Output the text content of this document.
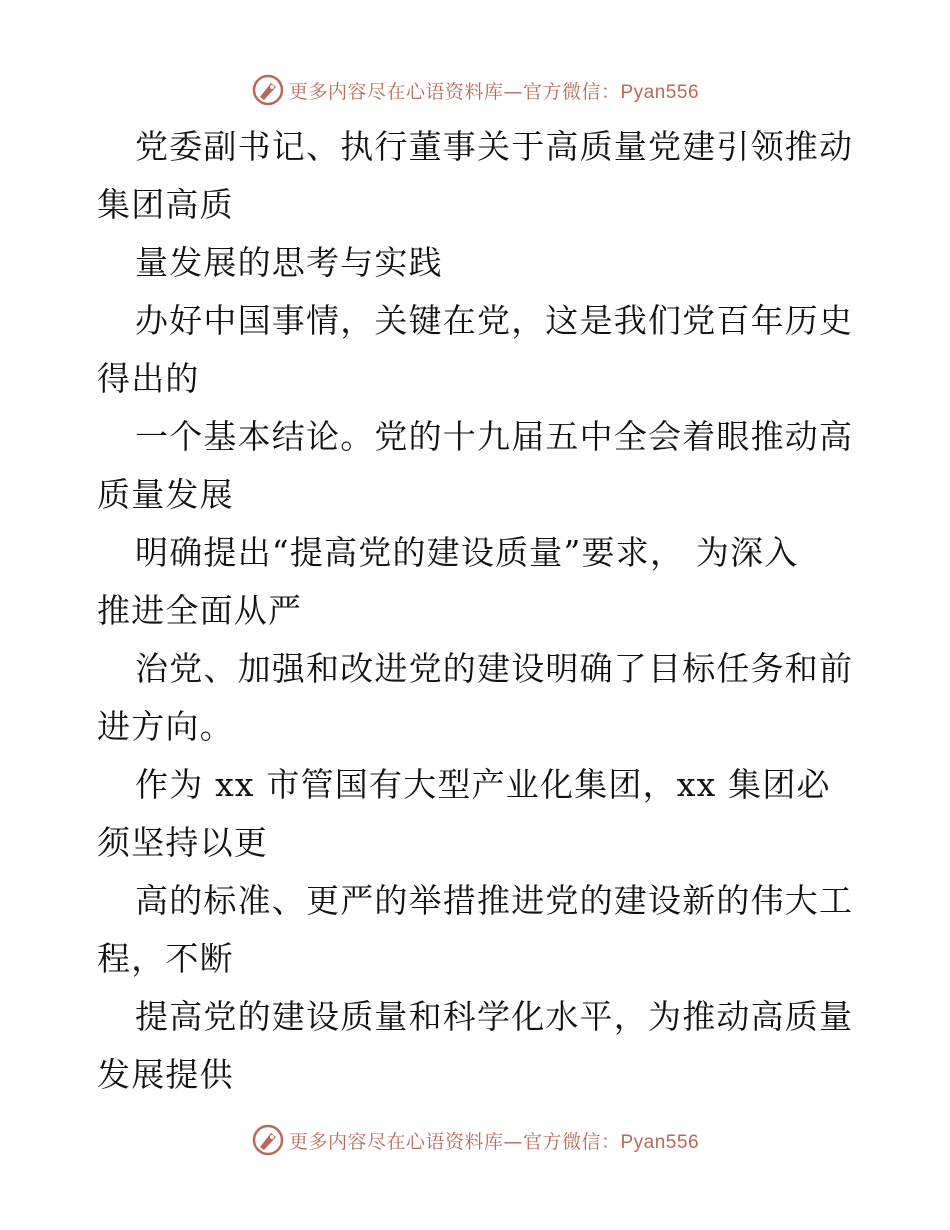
更多内容尽在心语资料库—官方微信：Pyan556
党委副书记、执行董事关于高质量党建引领推动
集团高质
量发展的思考与实践
办好中国事情，关键在党，这是我们党百年历史
得出的
一个基本结论。党的十九届五中全会着眼推动高
质量发展
明确提出“提高党的建设质量”要求， 为深入
推进全面从严
治党、加强和改进党的建设明确了目标任务和前
进方向。
作为 xx 市管国有大型产业化集团，xx 集团必
须坚持以更
高的标准、更严的举措推进党的建设新的伟大工
程，不断
提高党的建设质量和科学化水平，为推动高质量
发展提供
更多内容尽在心语资料库—官方微信：Pyan556
